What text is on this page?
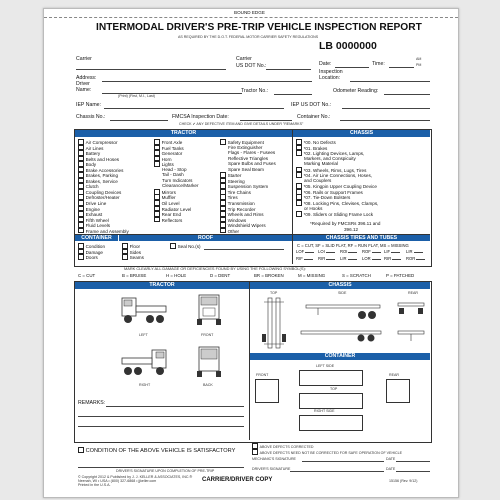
BOUND EDGE
INTERMODAL DRIVER'S PRE-TRIP VEHICLE INSPECTION REPORT
AS REQUIRED BY THE D.O.T. FEDERAL MOTOR CARRIER SAFETY REGULATIONS
Carrier	Carrier
US DOT No.:
LB 0000000
Date:	Time:
AM
PM
Inspection Location:
Address:
Driver Name:
(Print) (First, M.I., Last)
Tractor No.:	Odometer Reading:
IEP Name:	IEP US DOT No.:
Chassis No.:	FMCSA Inspection Date:	Container No.:
CHECK ✔ ANY DEFECTIVE ITEM AND GIVE DETAILS UNDER "REMARKS"
TRACTOR	CHASSIS
Air Compressor
Air Lines
Battery
Belts and Hoses
Body
Brake Accessories
Brakes, Parking
Brakes, Service
Clutch
Coupling Devices
Defroster/Heater
Drive Line
Engine
Exhaust
Fifth Wheel
Fluid Levels
Frame and Assembly
Front Axle
Fuel Tanks
Generator
Horn
Lights
Head - Stop
Tail - Dash
Turn Indicators
Clearance/Marker
Mirrors
Muffler
Oil Level
Radiator Level
Rear End
Reflectors
Safety Equipment
Fire Extinguisher
Flags - Flares - Fusees
Reflective Triangles
Spare Bulbs and Fuses
Spare Seal Beam
Starter
Steering
Suspension System
Tire Chains
Tires
Transmission
Trip Recorder
Wheels and Rims
Windows
Windshield Wipers
Other
*00. No Defects
*01. Brakes
*02. Lighting Devices, Lamps,
Markers, and Conspicuity
Marking Material
*03. Wheels, Rims, Lugs, Tires
*04. Air Line Connections, Hoses,
and Couplers
*05. Kingpin Upper Coupling Device
*06. Rails or Support Frames
*07. Tie-Down Bolsters
*08. Locking Pins, Clevises, Clamps,
or Hooks
*09. Sliders or Sliding Frame Lock
*Required by FMCSRs 396.11 and
396.12
CONTAINER	ROOF	CHASSIS TIRES AND TUBES
Condition
Damage
Doors
Floor
Sides
Seams
Seal No.(s)	C = CUT, SF = SLID FLAT, RF = RUN FLAT, MS = MISSING
LOF	LOI	ROI	ROF	LIF	LIR
RIF	RIR	LIR	LOR	RIR	ROR
MARK CLEARLY ALL DAMAGE OR DEFICIENCIES FOUND BY USING THE FOLLOWING SYMBOL(S):
C = CUT	B = BRUISE	H = HOLE	D = DENT	BR = BROKEN	M = MISSING	S = SCRATCH	P = PATCHED
TRACTOR	CHASSIS
CONTAINER
LEFT	FRONT
RIGHT	BACK
TOP	SIDE	REAR
LEFT SIDE
FRONT
TOP
REAR
RIGHT SIDE
REMARKS:
CONDITION OF THE ABOVE VEHICLE IS SATISFACTORY
ABOVE DEFECTS CORRECTED
ABOVE DEFECTS NEED NOT BE CORRECTED FOR SAFE OPERATION OF VEHICLE
MECHANIC'S SIGNATURE	DATE
DRIVER'S SIGNATURE	DATE
DRIVER'S SIGNATURE UPON COMPLETION OF PRE-TRIP
© Copyright 2012 & Published by J. J. KELLER & ASSOCIATES, INC.®
Neenah, WI • USA • (800) 327-6868 • jjkeller.com
Printed in the U.S.A.
CARRIER/DRIVER COPY	15156 (Rev. 9/12)
